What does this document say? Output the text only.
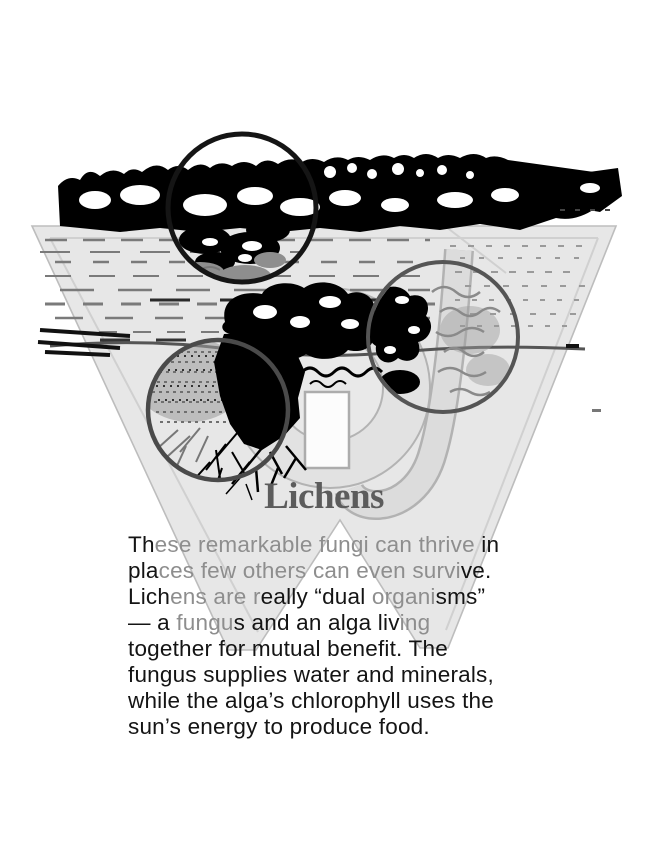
Lichens
These remarkable fungi can thrive in
places few others can even survive.
Lichens are really “dual organisms”
— a fungus and an alga living
together for mutual benefit. The
fungus supplies water and minerals,
while the alga’s chlorophyll uses the
sun’s energy to produce food.
